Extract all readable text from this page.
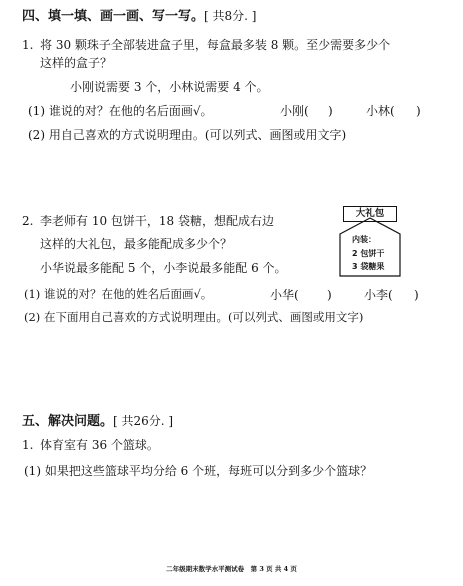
四、填一填、画一画、写一写。[ 共8分. ]
1. 将 30 颗珠子全部装进盒子里，每盒最多装 8 颗。至少需要多少个
这样的盒子？
小刚说需要 3 个，小林说需要 4 个。
(1) 谁说的对？在他的名后面画√。	小刚( )	小林( )
(2) 用自己喜欢的方式说明理由。(可以列式、画图或用文字)
2. 李老师有 10 包饼干，18 袋糖，想配成右边
这样的大礼包，最多能配成多少个？
小华说最多能配 5 个，小李说最多能配 6 个。
(1) 谁说的对？在他的姓名后面画√。	小华( )	小李( )
(2) 在下面用自己喜欢的方式说明理由。(可以列式、画图或用文字)
大礼包
内装：
2 包饼干
3 袋糖果
五、解决问题。[ 共26分. ]
1. 体育室有 36 个篮球。
(1) 如果把这些篮球平均分给 6 个班，每班可以分到多少个篮球？
二年级期末数学水平测试卷　第 3 页 共 4 页
